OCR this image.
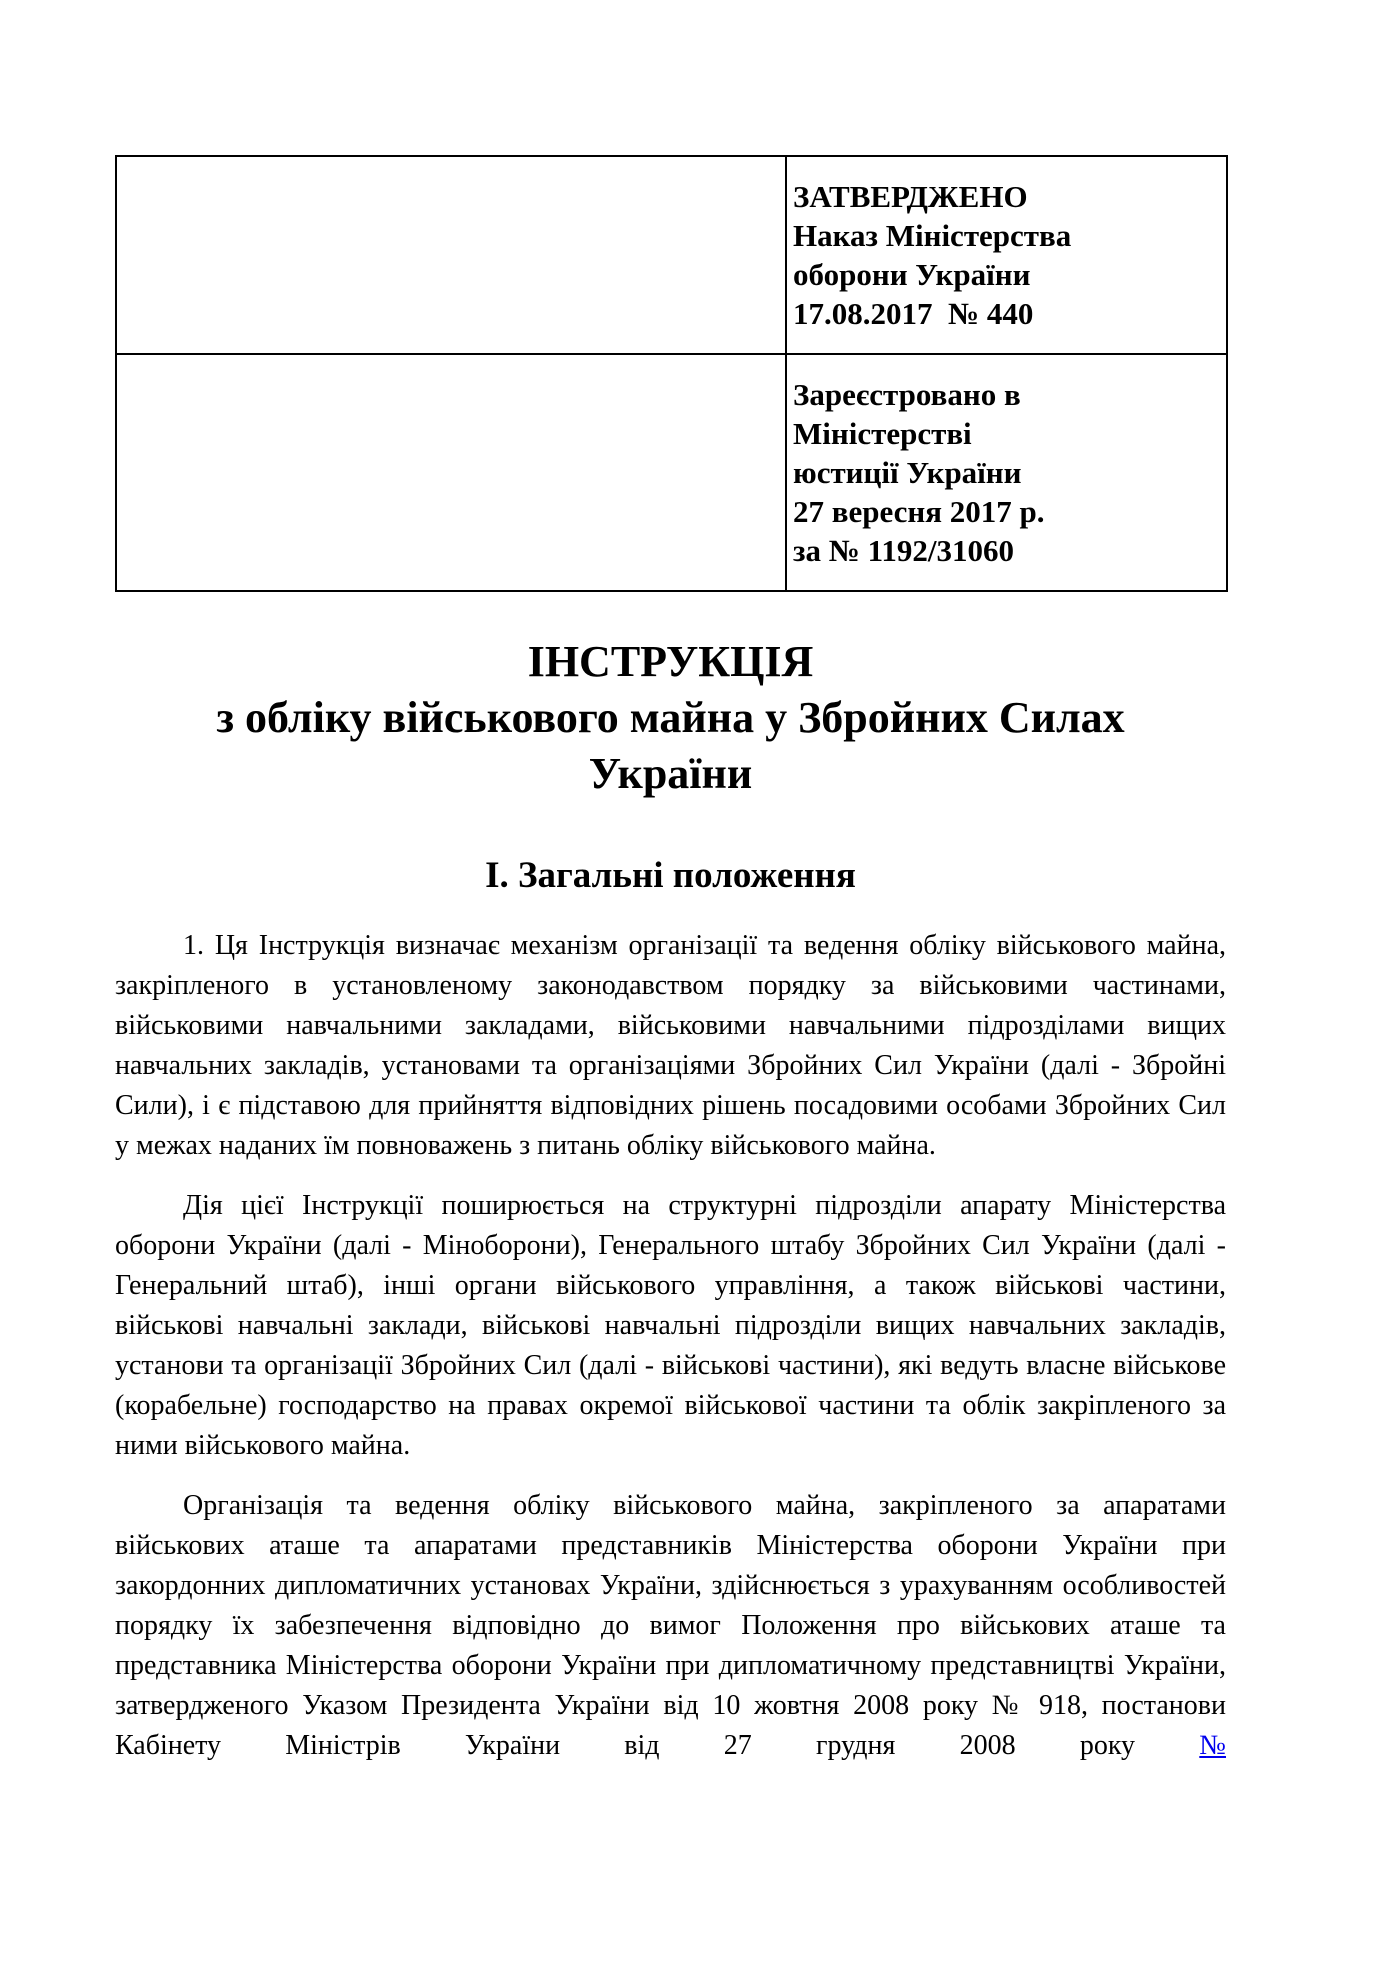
	ЗАТВЕРДЖЕНО
Наказ Міністерства
оборони України
17.08.2017  № 440

	Зареєстровано в
Міністерстві
юстиції України
27 вересня 2017 р.
за № 1192/31060
ІНСТРУКЦІЯ
з обліку військового майна у Збройних Силах
України
І. Загальні положення

1. Ця Інструкція визначає механізм організації та ведення обліку військового майна, закріпленого в установленому законодавством порядку за військовими частинами, військовими навчальними закладами, військовими навчальними підрозділами вищих навчальних закладів, установами та організаціями Збройних Сил України (далі - Збройні Сили), і є підставою для прийняття відповідних рішень посадовими особами Збройних Сил у межах наданих їм повноважень з питань обліку військового майна.

Дія цієї Інструкції поширюється на структурні підрозділи апарату Міністерства оборони України (далі - Міноборони), Генерального штабу Збройних Сил України (далі - Генеральний штаб), інші органи військового управління, а також військові частини, військові навчальні заклади, військові навчальні підрозділи вищих навчальних закладів, установи та організації Збройних Сил (далі - військові частини), які ведуть власне військове (корабельне) господарство на правах окремої військової частини та облік закріпленого за ними військового майна.

Організація та ведення обліку військового майна, закріпленого за апаратами військових аташе та апаратами представників Міністерства оборони України при закордонних дипломатичних установах України, здійснюється з урахуванням особливостей порядку їх забезпечення відповідно до вимог Положення про військових аташе та представника Міністерства оборони України при дипломатичному представництві України, затвердженого Указом Президента України від 10 жовтня 2008 року № 918, постанови Кабінету Міністрів України від 27 грудня 2008 року №
